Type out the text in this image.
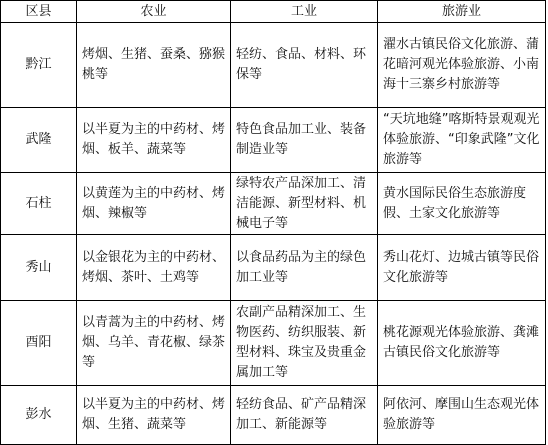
区县	农业	工业	旅游业
黔江	烤烟、生猪、蚕桑、猕猴桃等	轻纺、食品、材料、环保等	濯水古镇民俗文化旅游、蒲花暗河观光体验旅游、小南海十三寨乡村旅游等
武隆	以半夏为主的中药材、烤烟、板羊、蔬菜等	特色食品加工业、装备制造业等	“天坑地缝”喀斯特景观观光体验旅游、“印象武隆”文化旅游等
石柱	以黄莲为主的中药材、烤烟、辣椒等	绿特农产品深加工、清洁能源、新型材料、机械电子等	黄水国际民俗生态旅游度假、土家文化旅游等
秀山	以金银花为主的中药材、烤烟、茶叶、土鸡等	以食品药品为主的绿色加工业等	秀山花灯、边城古镇等民俗文化旅游等
酉阳	以青蒿为主的中药材、烤烟、乌羊、青花椒、绿茶等	农副产品精深加工、生物医药、纺织服装、新型材料、珠宝及贵重金属加工等	桃花源观光体验旅游、龚滩古镇民俗文化旅游等
彭水	以半夏为主的中药材、烤烟、生猪、蔬菜等	轻纺食品、矿产品精深加工、新能源等	阿依河、摩围山生态观光体验旅游等
